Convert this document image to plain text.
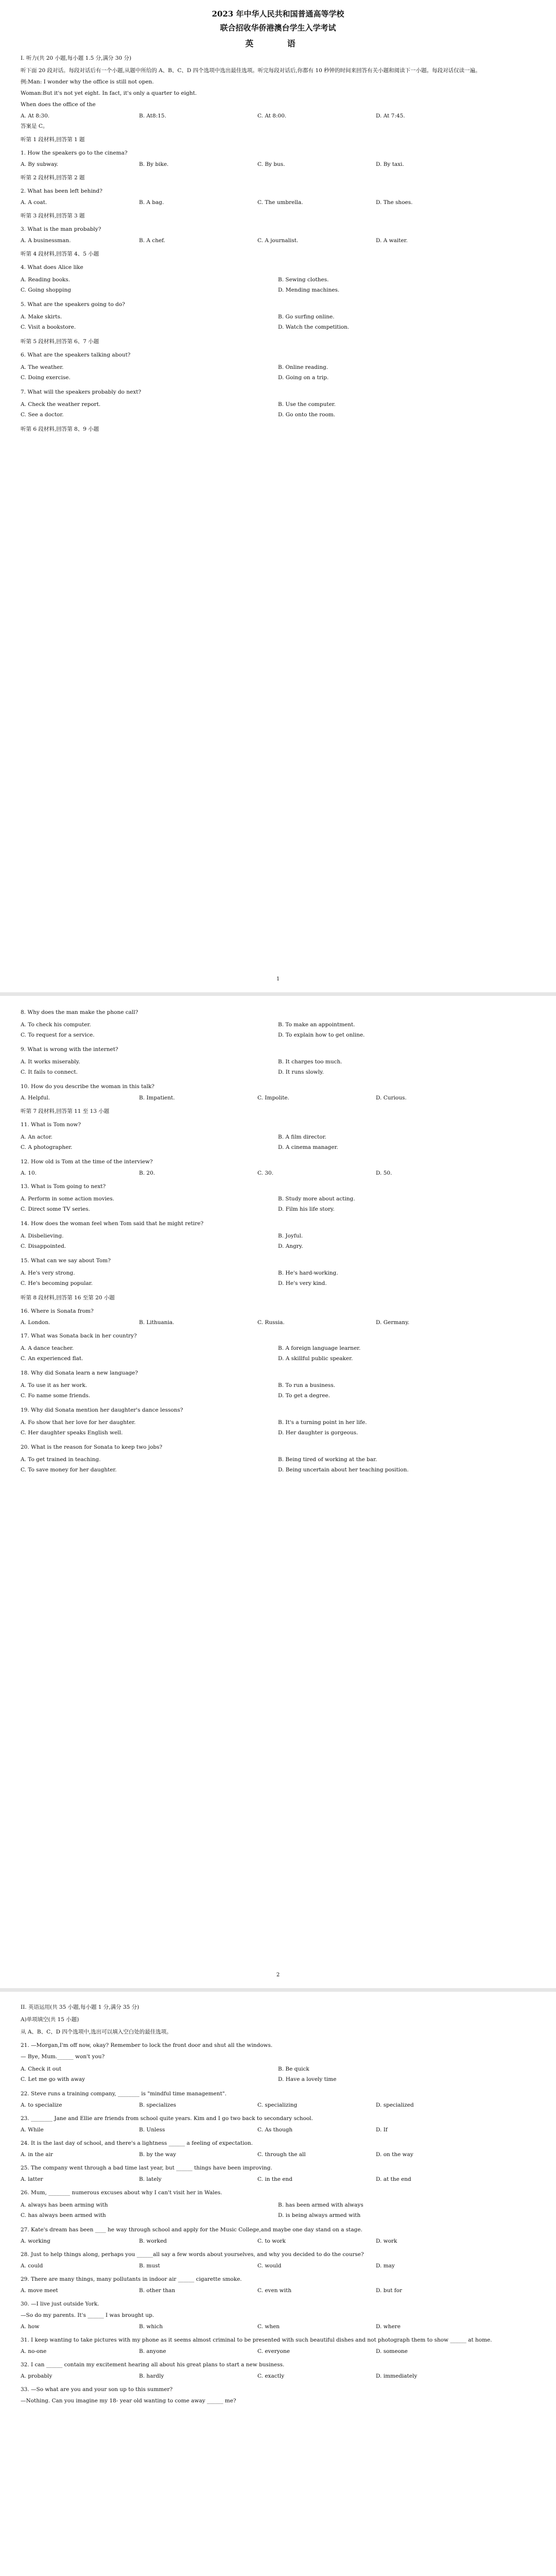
2023 年中华人民共和国普通高等学校
联合招收华侨港澳台学生入学考试
英 语
I. 听力(共 20 小题,每小题 1.5 分,满分 30 分)
听下面 20 段对话。每段对话后有一个小题,从题中所给的 A、B、C、D 四个选项中选出最佳选项。听完每段对话后,你都有 10 秒钟的时间来回答有关小题和阅读下一小题。每段对话仅读一遍。
例:Man: I wonder why the office is still not open.
Woman:But it's not yet eight. In fact, it's only a quarter to eight.
When does the office of the
A. At 8:30.	B. At8:15.	C. At 8:00.	D. At 7:45.
答案是 C。
听第 1 段材料,回答第 1 题
1. How the speakers go to the cinema?
A. By subway.	B. By bike.	C. By bus.	D. By taxi.
听第 2 段材料,回答第 2 题
2. What has been left behind?
A. A coat.	B. A bag.	C. The umbrella.	D. The shoes.
听第 3 段材料,回答第 3 题
3. What is the man probably?
A. A businessman.	B. A chef.	C. A journalist.	D. A waiter.
听第 4 段材料,回答第 4、5 小题
4. What does Alice like
A. Reading books.	B. Sewing clothes.
C. Going shopping	D. Mending machines.
5. What are the speakers going to do?
A. Make skirts.	B. Go surfing online.
C. Visit a bookstore.	D. Watch the competition.
听第 5 段材料,回答第 6、7 小题
6. What are the speakers talking about?
A. The weather.	B. Online reading.
C. Doing exercise.	D. Going on a trip.
7. What will the speakers probably do next?
A. Check the weather report.	B. Use the computer.
C. See a doctor.	D. Go onto the room.
听第 6 段材料,回答第 8、9 小题
1
8. Why does the man make the phone call?
A. To check his computer.	B. To make an appointment.
C. To request for a service.	D. To explain how to get online.
9. What is wrong with the internet?
A. It works miserably.	B. It charges too much.
C. It fails to connect.	D. It runs slowly.
10. How do you describe the woman in this talk?
A. Helpful.	B. Impatient.	C. Impolite.	D. Curious.
听第 7 段材料,回答第 11 至 13 小题
11. What is Tom now?
A. An actor.	B. A film director.
C. A photographer.	D. A cinema manager.
12. How old is Tom at the time of the interview?
A. 10.	B. 20.	C. 30.	D. 50.
13. What is Tom going to next?
A. Perform in some action movies.	B. Study more about acting.
C. Direct some TV series.	D. Film his life story.
14. How does the woman feel when Tom said that he might retire?
A. Disbelieving.	B. Joyful.
C. Disappointed.	D. Angry.
15. What can we say about Tom?
A. He's very strong.	B. He's hard-working.
C. He's becoming popular.	D. He's very kind.
听第 8 段材料,回答第 16 至第 20 小题
16. Where is Sonata from?
A. London.	B. Lithuania.	C. Russia.	D. Germany.
17. What was Sonata back in her country?
A. A dance teacher.	B. A foreign language learner.
C. An experienced flat.	D. A skillful public speaker.
18. Why did Sonata learn a new language?
A. To use it as her work.	B. To run a business.
C. Fo name some friends.	D. To get a degree.
19. Why did Sonata mention her daughter's dance lessons?
A. Fo show that her love for her daughter.	B. It's a turning point in her life.
C. Her daughter speaks English well.	D. Her daughter is gorgeous.
20. What is the reason for Sonata to keep two jobs?
A. To get trained in teaching.	B. Being tired of working at the bar.
C. To save money for her daughter.	D. Being uncertain about her teaching position.
2
II. 英语运用(共 35 小题,每小题 1 分,满分 35 分)
A)单项填空(共 15 小题)
从 A、B、C、D 四个选项中,选出可以填入空白处的最佳选项。
21. —Morgan,I'm off now, okay? Remember to lock the front door and shut all the windows.
— Bye, Mum.______ won't you?
A. Check it out	B. Be quick
C. Let me go with away	D. Have a lovely time
22. Steve runs a training company, ________ is "mindful time management".
A. to specialize	B. specializes	C. specializing	D. specialized
23. ________ Jane and Ellie are friends from school quite years. Kim and I go two back to secondary school.
A. While	B. Unless	C. As though	D. If
24. It is the last day of school, and there's a lightness ______ a feeling of expectation.
A. in the air	B. by the way	C. through the all	D. on the way
25. The company went through a bad time last year, but ______ things have been improving.
A. latter	B. lately	C. in the end	D. at the end
26. Mum, ________ numerous excuses about why I can't visit her in Wales.
A. always has been arming with	B. has been armed with always
C. has always been armed with	D. is being always armed with
27. Kate's dream has been ____ he way through school and apply for the Music College,and maybe one day stand on a stage.
A. working	B. worked	C. to work	D. work
28. Just to help things along, perhaps you ______all say a few words about yourselves, and why you decided to do the course?
A. could	B. must	C. would	D. may
29. There are many things, many pollutants in indoor air ______ cigarette smoke.
A. move meet	B. other than	C. even with	D. but for
30. —I live just outside York.
—So do my parents. It's ______ I was brought up.
A. how	B. which	C. when	D. where
31. I keep wanting to take pictures with my phone as it seems almost criminal to be presented with such beautiful dishes and not photograph them to show ______ at home.
A. no-one	B. anyone	C. everyone	D. someone
32. I can ______ contain my excitement hearing all about his great plans to start a new business.
A. probably	B. hardly	C. exactly	D. immediately
33. —So what are you and your son up to this summer?
—Nothing. Can you imagine my 18- year old wanting to come away ______ me?
